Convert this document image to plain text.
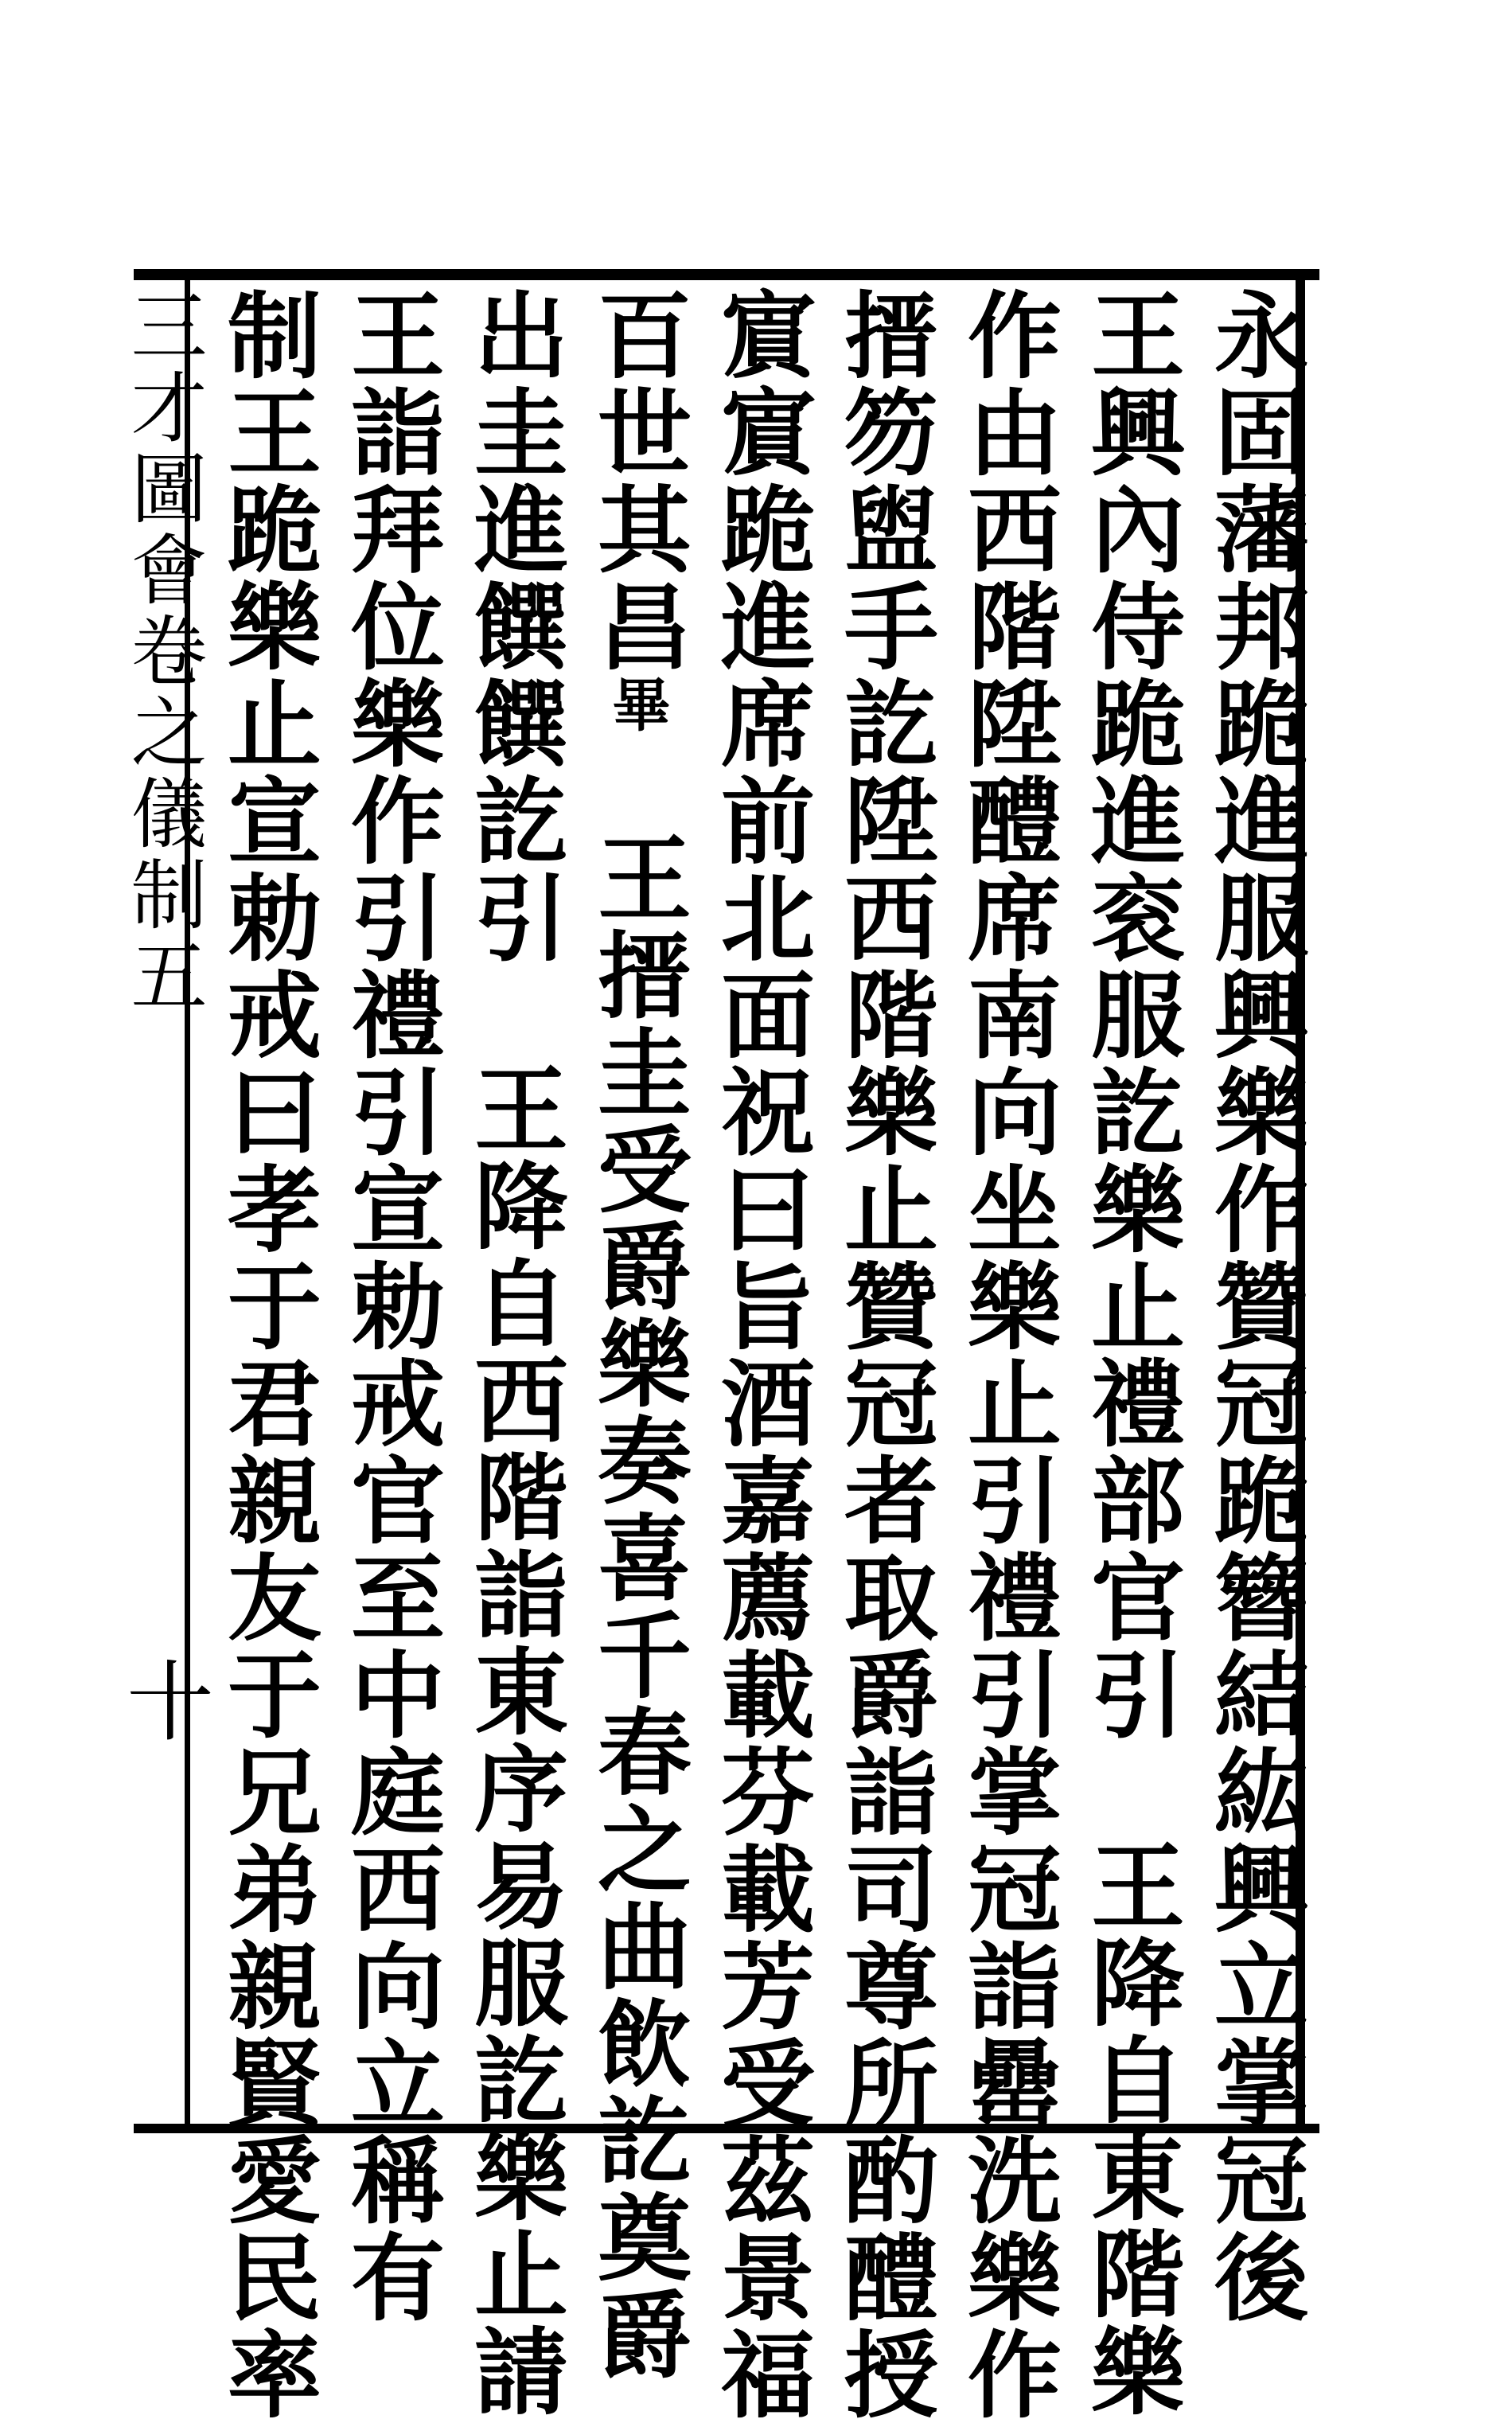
三才圖會卷之儀制五
十	永固藩邦跪進服興樂作贊冠跪簪結紘興立掌冠後
王興內侍跪進衮服訖樂止禮部官引王降自東階樂
作由西階陞醴席南向坐樂止引禮引掌冠詣罍洗樂作
搢笏盥手訖陞西階樂止贊冠者取爵詣司尊所酌醴授
賔賔跪進席前北面祝曰旨酒嘉薦載芬載芳受茲景福
百世其昌畢王搢圭受爵樂奏喜千春之曲飲訖奠爵
出圭進饌饌訖引王降自西階詣東序易服訖樂止請
王詣拜位樂作引禮引宣勅戒官至中庭西向立稱有
制王跪樂止宣勅戒曰孝于君親友于兄弟親賢愛民率
